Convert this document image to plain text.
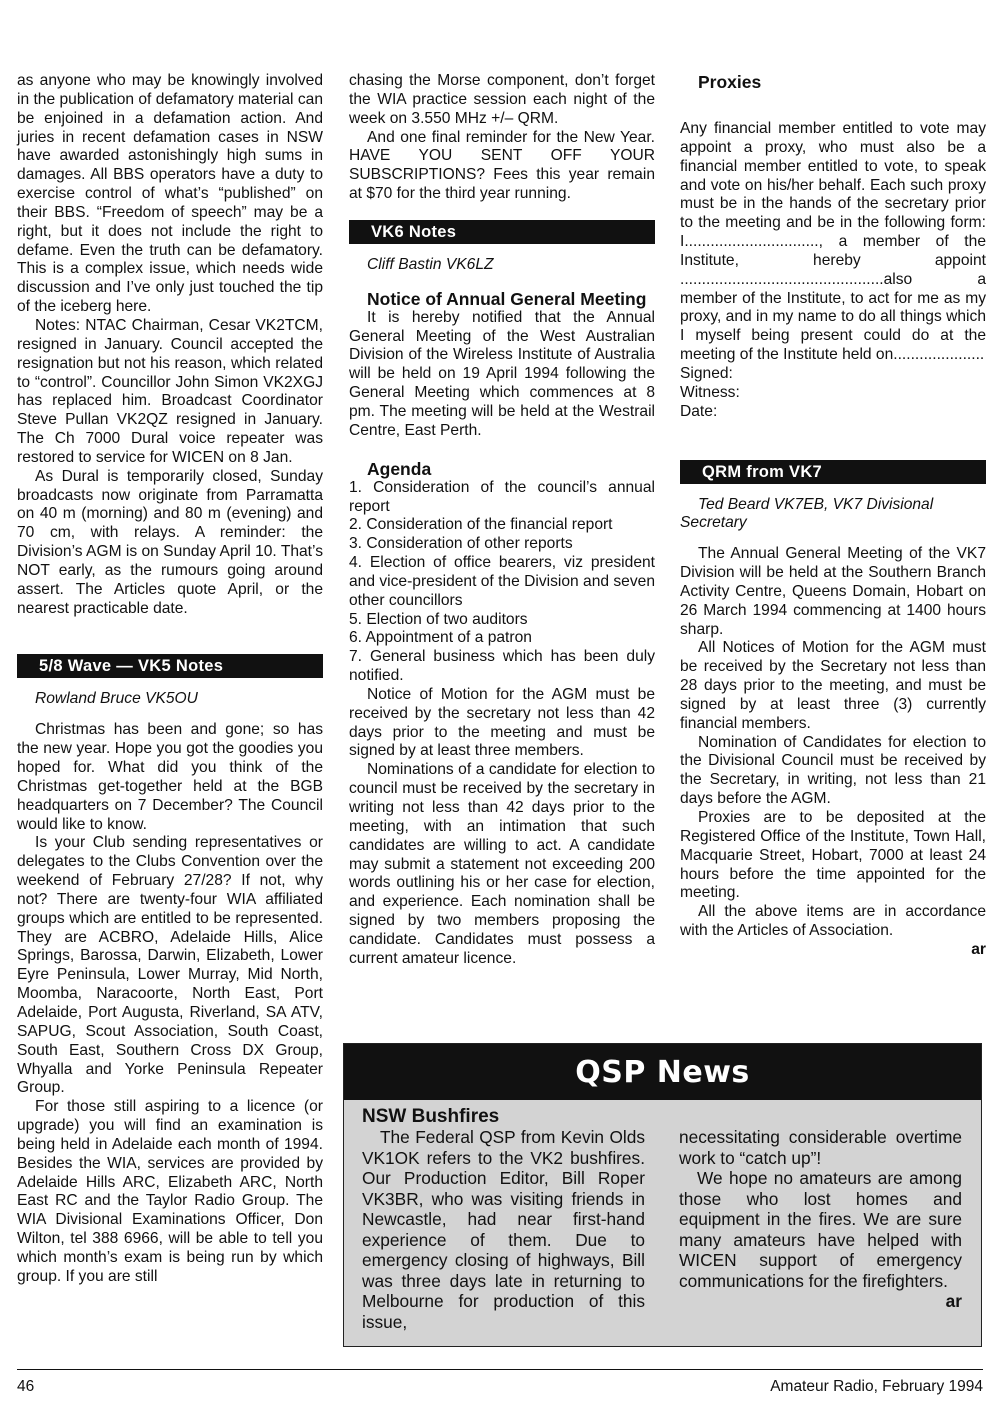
as anyone who may be knowingly involved in the publication of defamatory material can be enjoined in a defamation action. And juries in recent defamation cases in NSW have awarded astonishingly high sums in damages. All BBS operators have a duty to exercise control of what’s “published” on their BBS. “Freedom of speech” may be a right, but it does not include the right to defame. Even the truth can be defamatory. This is a complex issue, which needs wide discussion and I’ve only just touched the tip of the iceberg here.

Notes: NTAC Chairman, Cesar VK2TCM, resigned in January. Council accepted the resignation but not his reason, which related to “control”. Councillor John Simon VK2XGJ has replaced him. Broadcast Coordinator Steve Pullan VK2QZ resigned in January. The Ch 7000 Dural voice repeater was restored to service for WICEN on 8 Jan.

As Dural is temporarily closed, Sunday broadcasts now originate from Parramatta on 40 m (morning) and 80 m (evening) and 70 cm, with relays. A reminder: the Division’s AGM is on Sunday April 10. That’s NOT early, as the rumours going around assert. The Articles quote April, or the nearest practicable date.

5/8 Wave — VK5 Notes

Rowland Bruce VK5OU

Christmas has been and gone; so has the new year. Hope you got the goodies you hoped for. What did you think of the Christmas get-together held at the BGB headquarters on 7 December? The Council would like to know.

Is your Club sending representatives or delegates to the Clubs Convention over the weekend of February 27/28? If not, why not? There are twenty-four WIA affiliated groups which are entitled to be represented. They are ACBRO, Adelaide Hills, Alice Springs, Barossa, Darwin, Elizabeth, Lower Eyre Peninsula, Lower Murray, Mid North, Moomba, Naracoorte, North East, Port Adelaide, Port Augusta, Riverland, SA ATV, SAPUG, Scout Association, South Coast, South East, Southern Cross DX Group, Whyalla and Yorke Peninsula Repeater Group.

For those still aspiring to a licence (or upgrade) you will find an examination is being held in Adelaide each month of 1994. Besides the WIA, services are provided by Adelaide Hills ARC, Elizabeth ARC, North East RC and the Taylor Radio Group. The WIA Divisional Examinations Officer, Don Wilton, tel 388 6966, will be able to tell you which month’s exam is being run by which group. If you are still

chasing the Morse component, don’t forget the WIA practice session each night of the week on 3.550 MHz +/– QRM.

And one final reminder for the New Year. HAVE YOU SENT OFF YOUR SUBSCRIPTIONS? Fees this year remain at $70 for the third year running.

VK6 Notes

Cliff Bastin VK6LZ

Notice of Annual General Meeting

It is hereby notified that the Annual General Meeting of the West Australian Division of the Wireless Institute of Australia will be held on 19 April 1994 following the General Meeting which commences at 8 pm. The meeting will be held at the Westrail Centre, East Perth.

Agenda

1. Consideration of the council’s annual report

2. Consideration of the financial report

3. Consideration of other reports

4. Election of office bearers, viz president and vice-president of the Division and seven other councillors

5. Election of two auditors

6. Appointment of a patron

7. General business which has been duly notified.

Notice of Motion for the AGM must be received by the secretary not less than 42 days prior to the meeting and must be signed by at least three members.

Nominations of a candidate for election to council must be received by the secretary in writing not less than 42 days prior to the meeting, with an intimation that such candidates are willing to act. A candidate may submit a statement not exceeding 200 words outlining his or her case for election, and experience. Each nomination shall be signed by two members proposing the candidate. Candidates must possess a current amateur licence.

Proxies

Any financial member entitled to vote may appoint a proxy, who must also be a financial member entitled to vote, to speak and vote on his/her behalf. Each such proxy must be in the hands of the secretary prior to the meeting and be in the following form: I..............................., a member of the Institute, hereby appoint ...............................................also a member of the Institute, to act for me as my proxy, and in my name to do all things which I myself being present could do at the meeting of the Institute held on.....................

Signed:

Witness:

Date:

QRM from VK7

Ted Beard VK7EB, VK7 Divisional Secretary

The Annual General Meeting of the VK7 Division will be held at the Southern Branch Activity Centre, Queens Domain, Hobart on 26 March 1994 commencing at 1400 hours sharp.

All Notices of Motion for the AGM must be received by the Secretary not less than 28 days prior to the meeting, and must be signed by at least three (3) currently financial members.

Nomination of Candidates for election to the Divisional Council must be received by the Secretary, in writing, not less than 21 days before the AGM.

Proxies are to be deposited at the Registered Office of the Institute, Town Hall, Macquarie Street, Hobart, 7000 at least 24 hours before the time appointed for the meeting.

All the above items are in accordance with the Articles of Association.

ar

QSP News

NSW Bushfires

The Federal QSP from Kevin Olds VK1OK refers to the VK2 bushfires. Our Production Editor, Bill Roper VK3BR, who was visiting friends in Newcastle, had near first-hand experience of them. Due to emergency closing of highways, Bill was three days late in returning to Melbourne for production of this issue,

necessitating considerable overtime work to “catch up”!

We hope no amateurs are among those who lost homes and equipment in the fires. We are sure many amateurs have helped with WICEN support of emergency communications for the firefighters.

ar

46	Amateur Radio, February 1994
